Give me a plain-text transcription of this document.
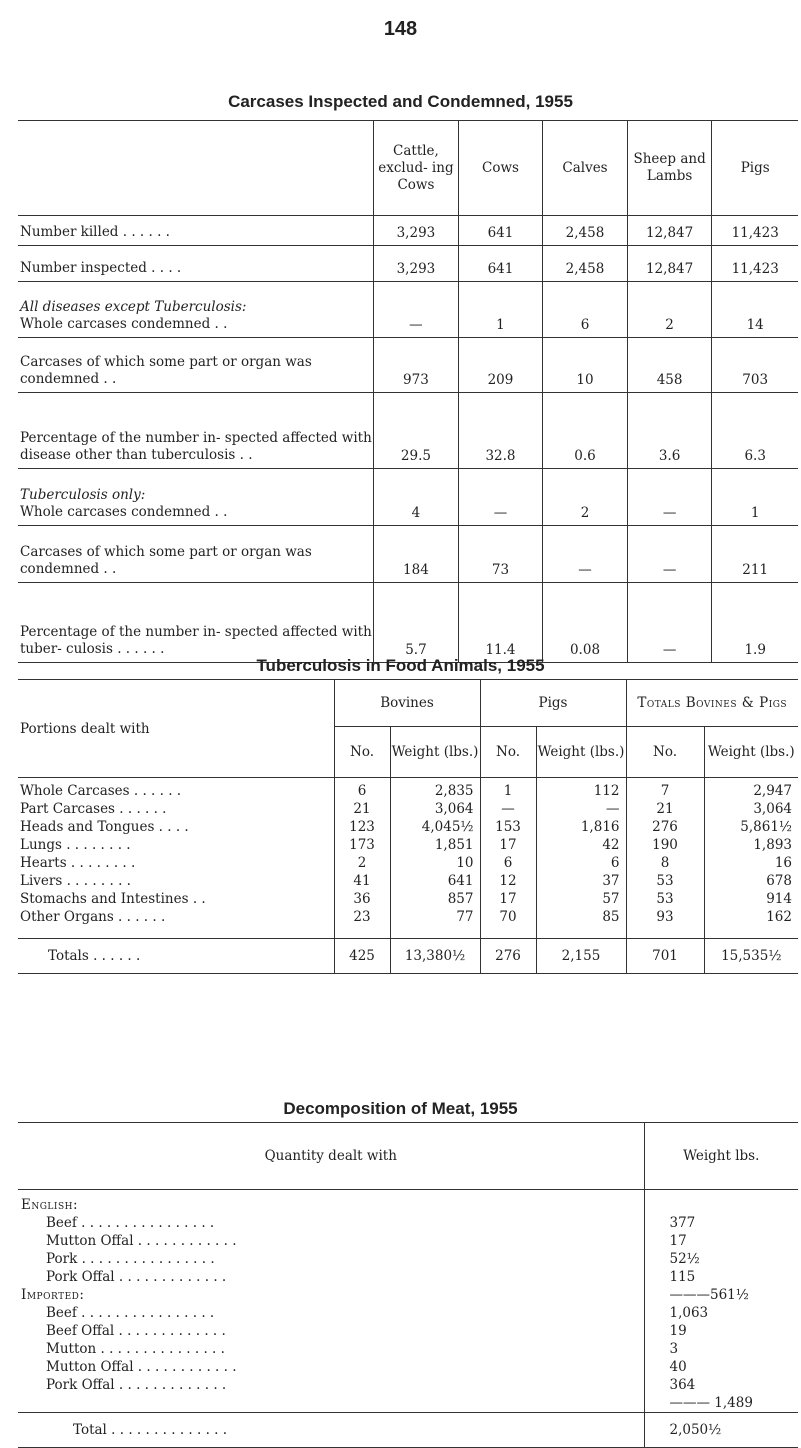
148
Carcases Inspected and Condemned, 1955
	Cattle, exclud- ing Cows	Cows	Calves	Sheep and Lambs	Pigs
Number killed . . . . . .	3,293	641	2,458	12,847	11,423
Number inspected . . . .	3,293	641	2,458	12,847	11,423
All diseases except Tuberculosis:
Whole carcases condemned . .	—	1	6	2	14
Carcases of which some part or organ was condemned . .	973	209	10	458	703
Percentage of the number in- spected affected with disease other than tuberculosis . .	29.5	32.8	0.6	3.6	6.3
Tuberculosis only:
Whole carcases condemned . .	4	—	2	—	1
Carcases of which some part or organ was condemned . .	184	73	—	—	211
Percentage of the number in- spected affected with tuber- culosis . . . . . .	5.7	11.4	0.08	—	1.9
Tuberculosis in Food Animals, 1955
Portions dealt with	Bovines		Pigs		Totals Bovines & Pigs	
	No.	Weight (lbs.)	No.	Weight (lbs.)	No.	Weight (lbs.)
Whole Carcases . . . . . .	6	2,835	1	112	7	2,947
Part Carcases . . . . . .	21	3,064	—	—	21	3,064
Heads and Tongues . . . .	123	4,045½	153	1,816	276	5,861½
Lungs . . . . . . . .	173	1,851	17	42	190	1,893
Hearts . . . . . . . .	2	10	6	6	8	16
Livers . . . . . . . .	41	641	12	37	53	678
Stomachs and Intestines . .	36	857	17	57	53	914
Other Organs . . . . . .	23	77	70	85	93	162
Totals . . . . . .	425	13,380½	276	2,155	701	15,535½
Decomposition of Meat, 1955
Quantity dealt with	Weight lbs.
English:	
Beef . . . . . . . . . . . . . . . .	377
Mutton Offal . . . . . . . . . . . .	17
Pork . . . . . . . . . . . . . . . .	52½
Pork Offal . . . . . . . . . . . . .	115
Imported:	———561½
Beef . . . . . . . . . . . . . . . .	1,063
Beef Offal . . . . . . . . . . . . .	19
Mutton . . . . . . . . . . . . . . .	3
Mutton Offal . . . . . . . . . . . .	40
Pork Offal . . . . . . . . . . . . .	364
	——— 1,489
Total . . . . . . . . . . . . . .	2,050½
